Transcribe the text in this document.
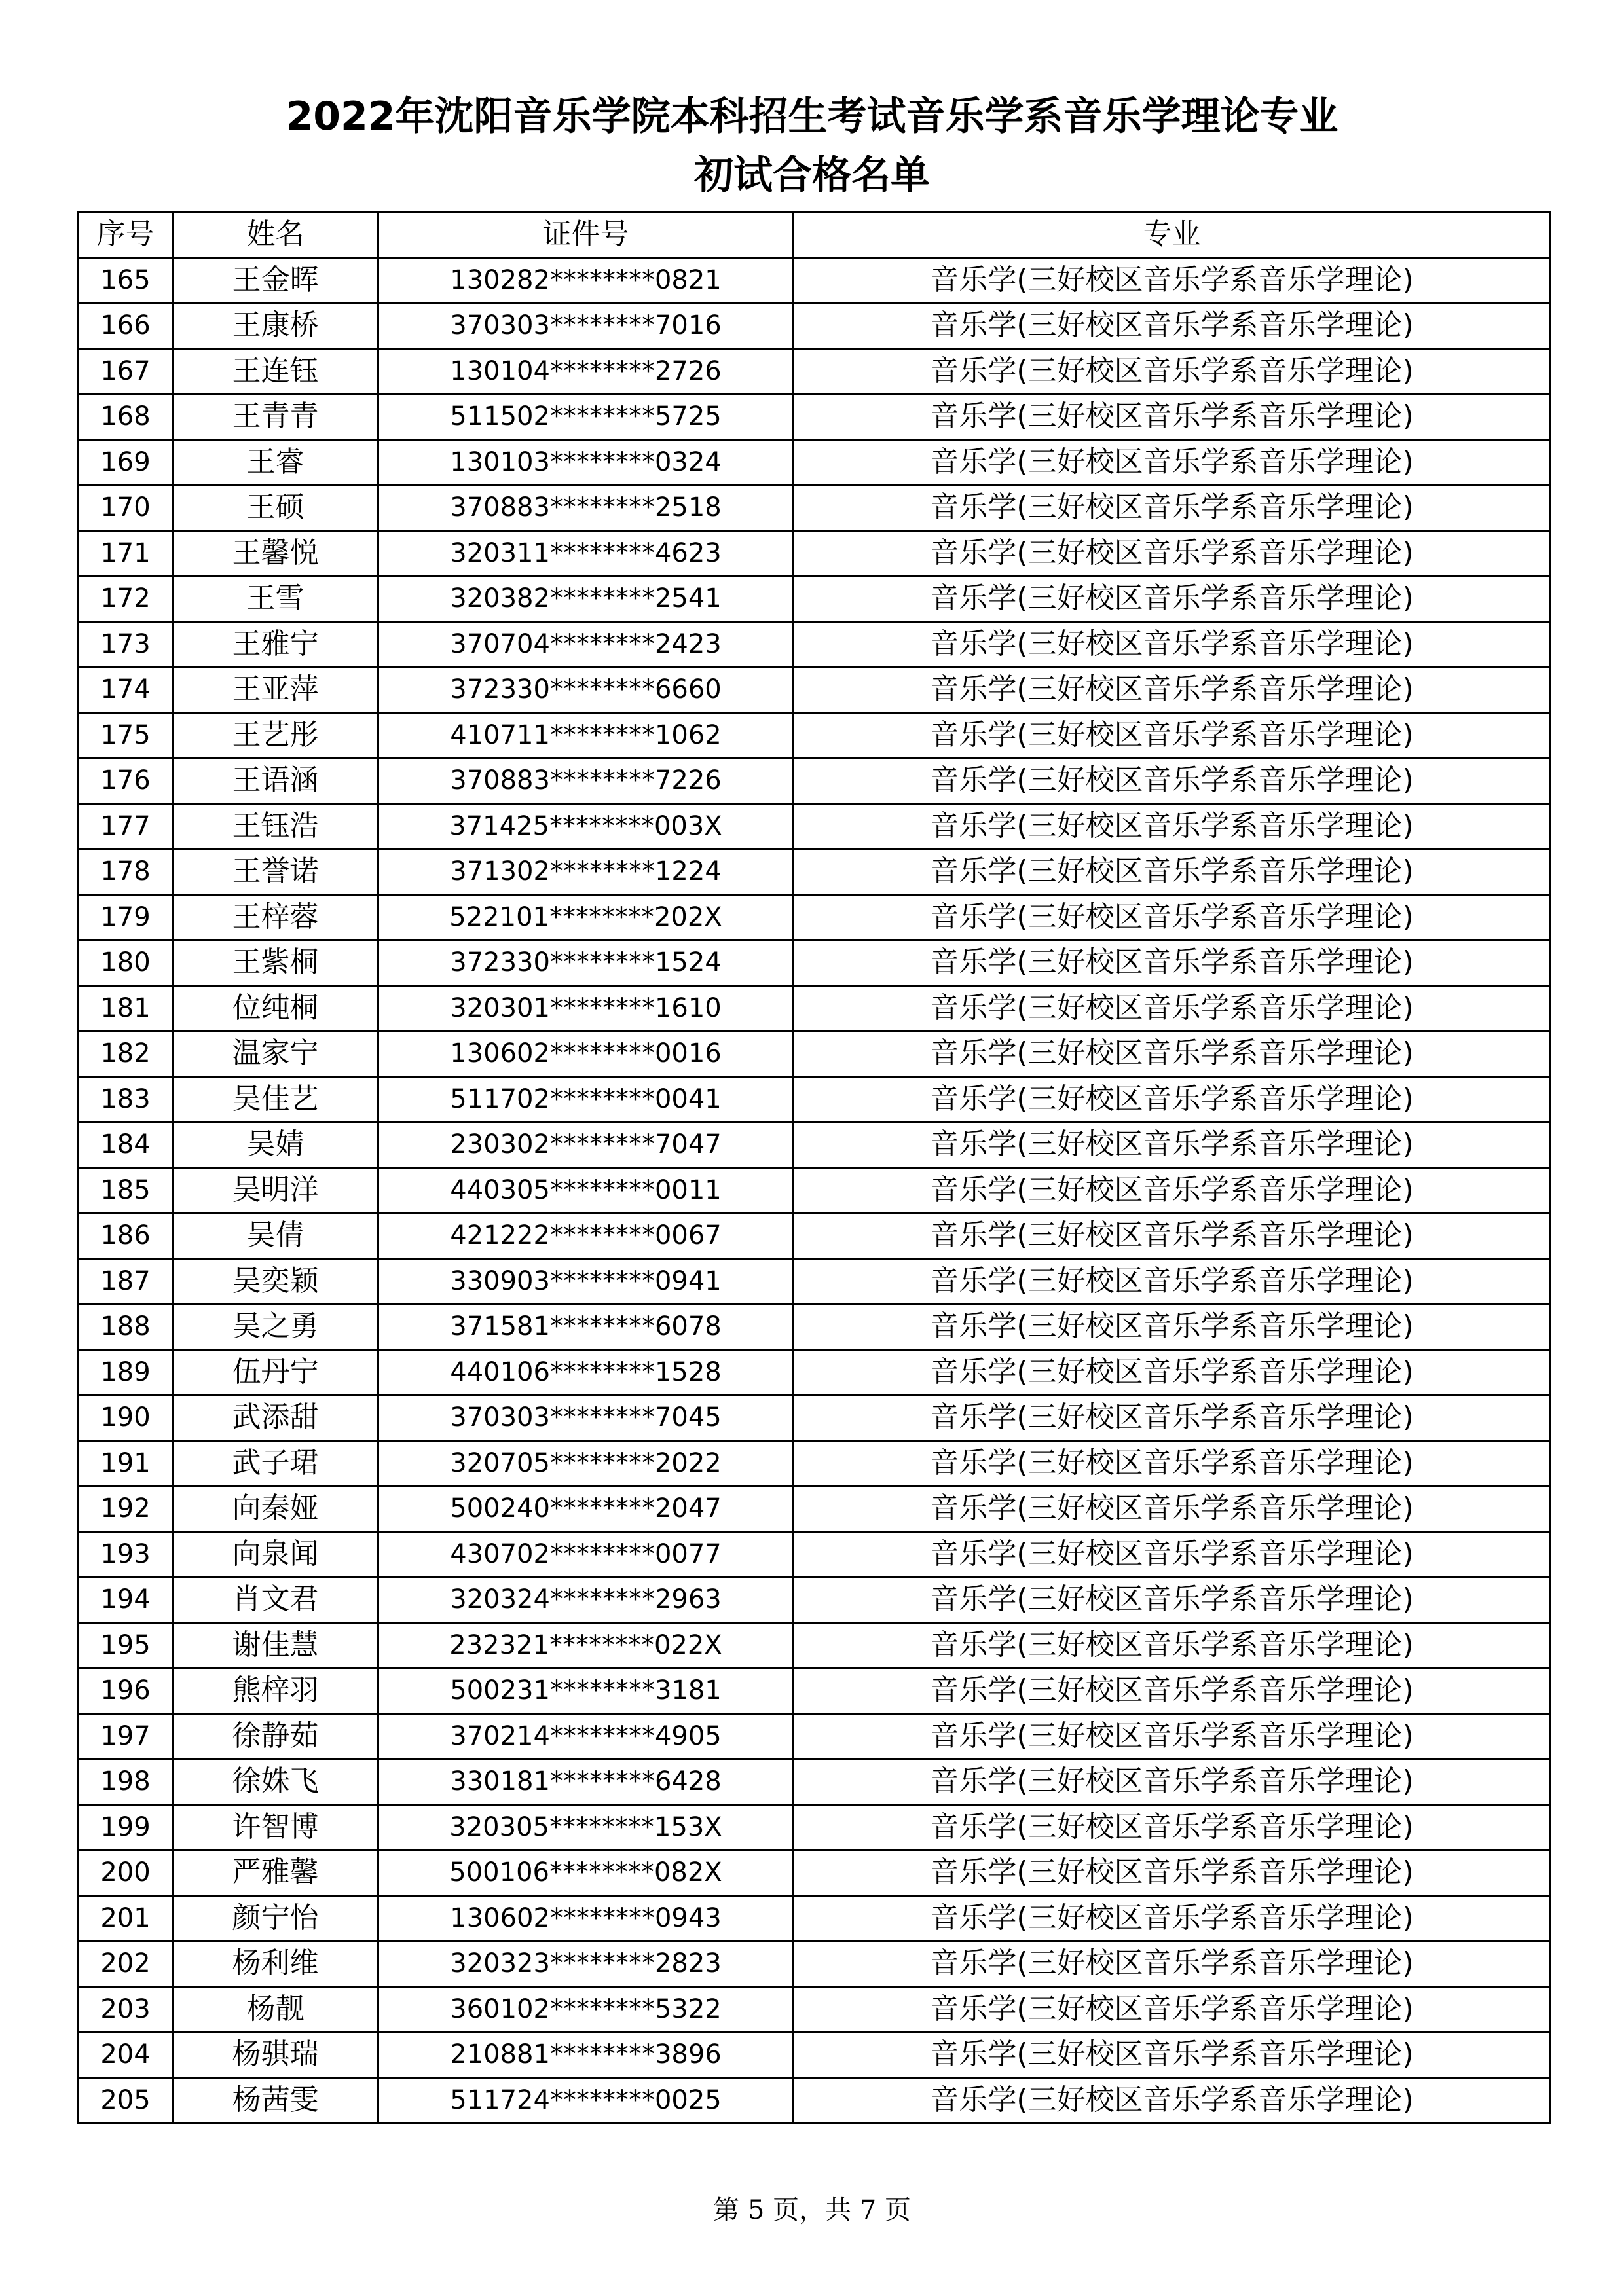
2022年沈阳音乐学院本科招生考试音乐学系音乐学理论专业
初试合格名单
序号	姓名	证件号	专业
165	王金晖	130282********0821	音乐学(三好校区音乐学系音乐学理论)
166	王康桥	370303********7016	音乐学(三好校区音乐学系音乐学理论)
167	王连钰	130104********2726	音乐学(三好校区音乐学系音乐学理论)
168	王青青	511502********5725	音乐学(三好校区音乐学系音乐学理论)
169	王睿	130103********0324	音乐学(三好校区音乐学系音乐学理论)
170	王硕	370883********2518	音乐学(三好校区音乐学系音乐学理论)
171	王馨悦	320311********4623	音乐学(三好校区音乐学系音乐学理论)
172	王雪	320382********2541	音乐学(三好校区音乐学系音乐学理论)
173	王雅宁	370704********2423	音乐学(三好校区音乐学系音乐学理论)
174	王亚萍	372330********6660	音乐学(三好校区音乐学系音乐学理论)
175	王艺彤	410711********1062	音乐学(三好校区音乐学系音乐学理论)
176	王语涵	370883********7226	音乐学(三好校区音乐学系音乐学理论)
177	王钰浩	371425********003X	音乐学(三好校区音乐学系音乐学理论)
178	王誉诺	371302********1224	音乐学(三好校区音乐学系音乐学理论)
179	王梓蓉	522101********202X	音乐学(三好校区音乐学系音乐学理论)
180	王紫桐	372330********1524	音乐学(三好校区音乐学系音乐学理论)
181	位纯桐	320301********1610	音乐学(三好校区音乐学系音乐学理论)
182	温家宁	130602********0016	音乐学(三好校区音乐学系音乐学理论)
183	吴佳艺	511702********0041	音乐学(三好校区音乐学系音乐学理论)
184	吴婧	230302********7047	音乐学(三好校区音乐学系音乐学理论)
185	吴明洋	440305********0011	音乐学(三好校区音乐学系音乐学理论)
186	吴倩	421222********0067	音乐学(三好校区音乐学系音乐学理论)
187	吴奕颖	330903********0941	音乐学(三好校区音乐学系音乐学理论)
188	吴之勇	371581********6078	音乐学(三好校区音乐学系音乐学理论)
189	伍丹宁	440106********1528	音乐学(三好校区音乐学系音乐学理论)
190	武添甜	370303********7045	音乐学(三好校区音乐学系音乐学理论)
191	武子珺	320705********2022	音乐学(三好校区音乐学系音乐学理论)
192	向秦娅	500240********2047	音乐学(三好校区音乐学系音乐学理论)
193	向泉闻	430702********0077	音乐学(三好校区音乐学系音乐学理论)
194	肖文君	320324********2963	音乐学(三好校区音乐学系音乐学理论)
195	谢佳慧	232321********022X	音乐学(三好校区音乐学系音乐学理论)
196	熊梓羽	500231********3181	音乐学(三好校区音乐学系音乐学理论)
197	徐静茹	370214********4905	音乐学(三好校区音乐学系音乐学理论)
198	徐姝飞	330181********6428	音乐学(三好校区音乐学系音乐学理论)
199	许智博	320305********153X	音乐学(三好校区音乐学系音乐学理论)
200	严雅馨	500106********082X	音乐学(三好校区音乐学系音乐学理论)
201	颜宁怡	130602********0943	音乐学(三好校区音乐学系音乐学理论)
202	杨利维	320323********2823	音乐学(三好校区音乐学系音乐学理论)
203	杨靓	360102********5322	音乐学(三好校区音乐学系音乐学理论)
204	杨骐瑞	210881********3896	音乐学(三好校区音乐学系音乐学理论)
205	杨茜雯	511724********0025	音乐学(三好校区音乐学系音乐学理论)
第 5 页，共 7 页
